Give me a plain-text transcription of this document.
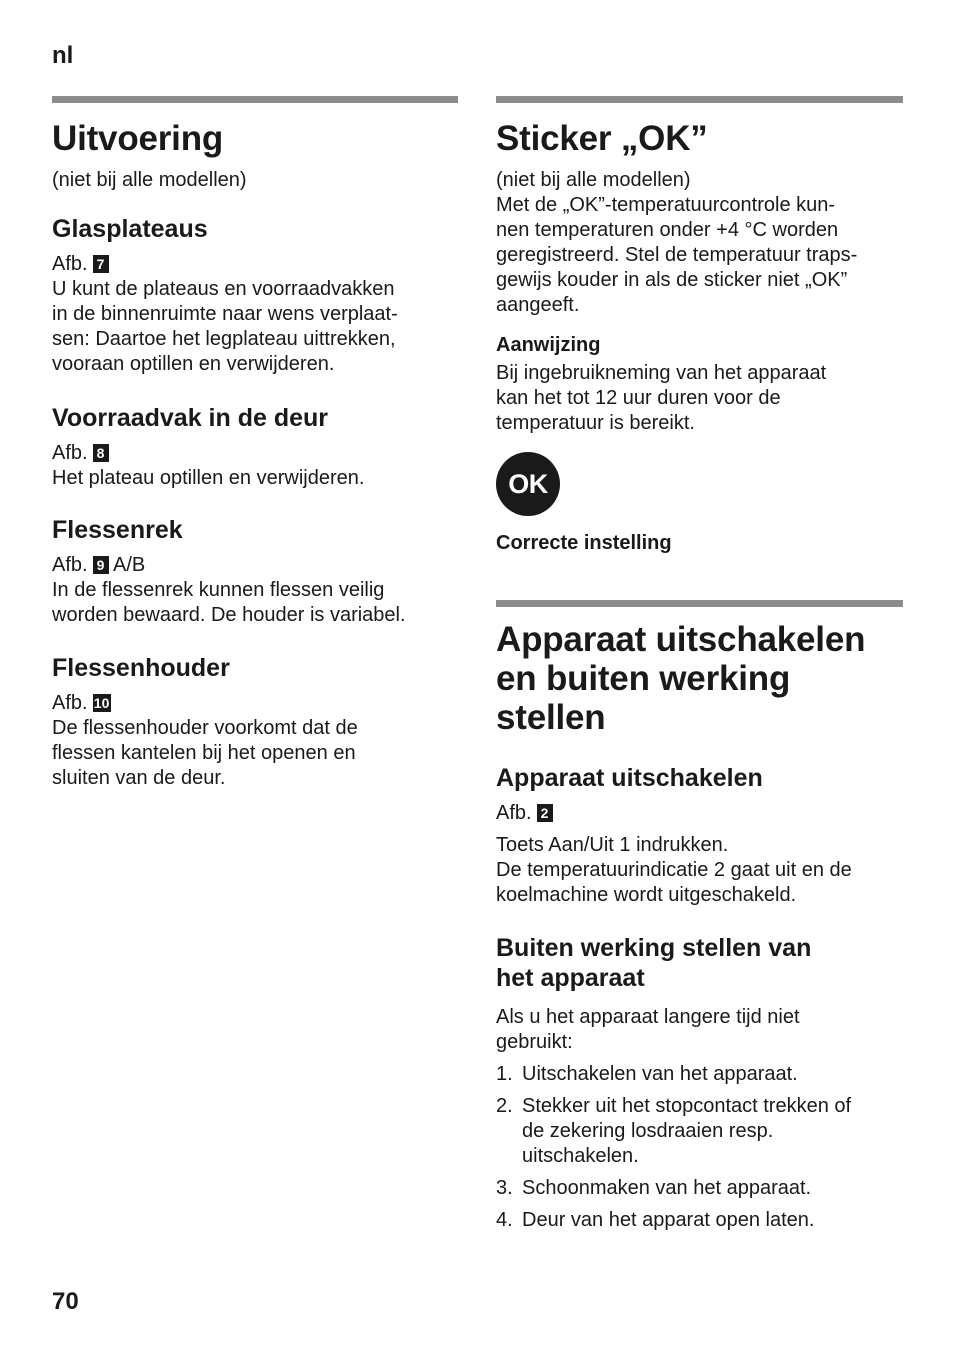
nl
Uitvoering

(niet bij alle modellen)

Glasplateaus

Afb. 7

U kunt de plateaus en voorraadvakken

in de binnenruimte naar wens verplaat-

sen: Daartoe het legplateau uittrekken,

vooraan optillen en verwijderen.

Voorraadvak in de deur

Afb. 8

Het plateau optillen en verwijderen.

Flessenrek

Afb. 9 A/B

In de flessenrek kunnen flessen veilig

worden bewaard. De houder is variabel.

Flessenhouder

Afb. 10

De flessenhouder voorkomt dat de

flessen kantelen bij het openen en

sluiten van de deur.

Sticker „OK”

(niet bij alle modellen)

Met de „OK”-temperatuurcontrole kun-

nen temperaturen onder +4 °C worden

geregistreerd. Stel de temperatuur traps-

gewijs kouder in als de sticker niet „OK”

aangeeft.

Aanwijzing

Bij ingebruikneming van het apparaat

kan het tot 12 uur duren voor de

temperatuur is bereikt.

OK
Correcte instelling
Apparaat uitschakelen
en buiten werking
stellen
Apparaat uitschakelen

Afb. 2

Toets Aan/Uit 1 indrukken.

De temperatuurindicatie 2 gaat uit en de

koelmachine wordt uitgeschakeld.

Buiten werking stellen van
het apparaat

Als u het apparaat langere tijd niet

gebruikt:

1. Uitschakelen van het apparaat.
2. Stekker uit het stopcontact trekken of
de zekering losdraaien resp.
uitschakelen.
3. Schoonmaken van het apparaat.
4. Deur van het apparat open laten.
70
